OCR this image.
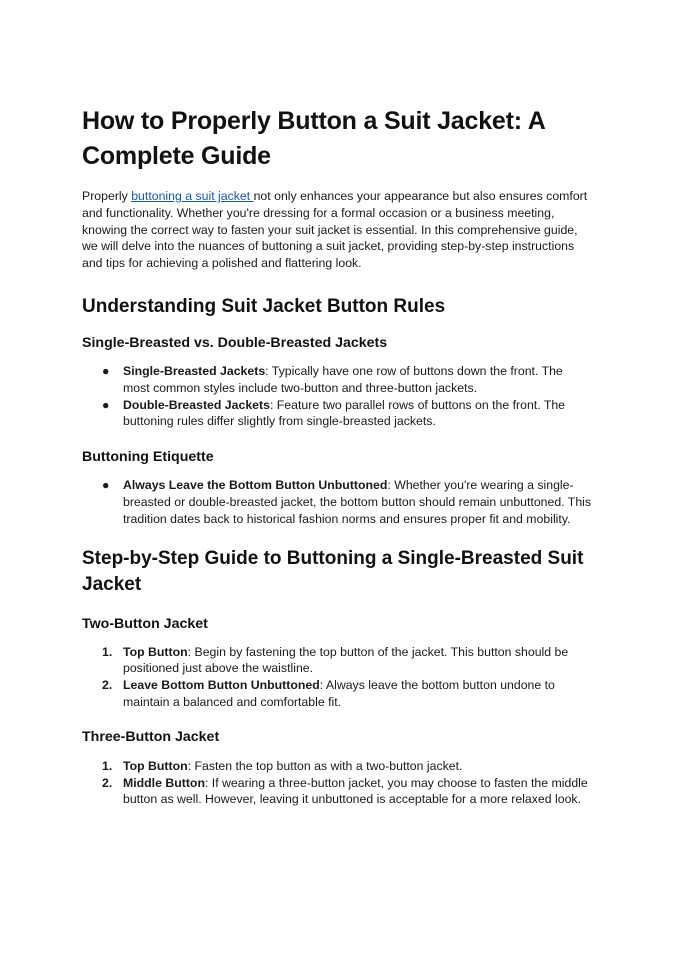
How to Properly Button a Suit Jacket: A Complete Guide

Properly buttoning a suit jacket not only enhances your appearance but also ensures comfort and functionality. Whether you're dressing for a formal occasion or a business meeting, knowing the correct way to fasten your suit jacket is essential. In this comprehensive guide, we will delve into the nuances of buttoning a suit jacket, providing step-by-step instructions and tips for achieving a polished and flattering look.

Understanding Suit Jacket Button Rules
Single-Breasted vs. Double-Breasted Jackets
●	Single-Breasted Jackets: Typically have one row of buttons down the front. The most common styles include two-button and three-button jackets.
●	Double-Breasted Jackets: Feature two parallel rows of buttons on the front. The buttoning rules differ slightly from single-breasted jackets.
Buttoning Etiquette
●	Always Leave the Bottom Button Unbuttoned: Whether you're wearing a single-breasted or double-breasted jacket, the bottom button should remain unbuttoned. This tradition dates back to historical fashion norms and ensures proper fit and mobility.
Step-by-Step Guide to Buttoning a Single-Breasted Suit Jacket
Two-Button Jacket
1. Top Button: Begin by fastening the top button of the jacket. This button should be positioned just above the waistline.
2. Leave Bottom Button Unbuttoned: Always leave the bottom button undone to maintain a balanced and comfortable fit.
Three-Button Jacket
1. Top Button: Fasten the top button as with a two-button jacket.
2. Middle Button: If wearing a three-button jacket, you may choose to fasten the middle button as well. However, leaving it unbuttoned is acceptable for a more relaxed look.
